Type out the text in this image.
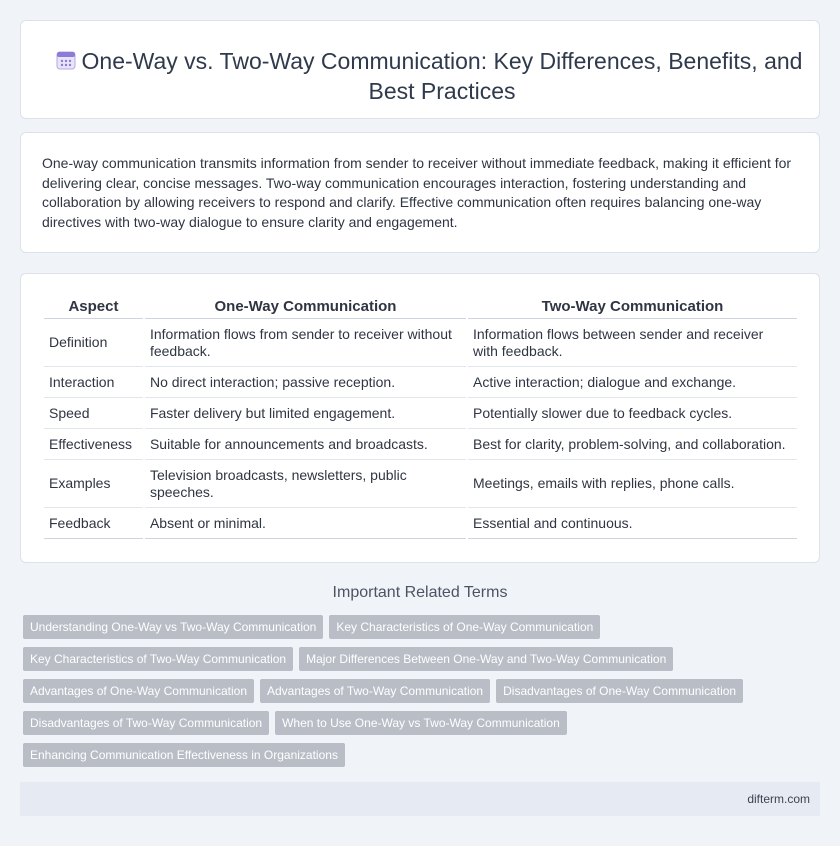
One-Way vs. Two-Way Communication: Key Differences, Benefits, and Best Practices

One-way communication transmits information from sender to receiver without immediate feedback, making it efficient for delivering clear, concise messages. Two-way communication encourages interaction, fostering understanding and collaboration by allowing receivers to respond and clarify. Effective communication often requires balancing one-way directives with two-way dialogue to ensure clarity and engagement.

Aspect	One-Way Communication	Two-Way Communication
Definition	Information flows from sender to receiver without feedback.	Information flows between sender and receiver with feedback.
Interaction	No direct interaction; passive reception.	Active interaction; dialogue and exchange.
Speed	Faster delivery but limited engagement.	Potentially slower due to feedback cycles.
Effectiveness	Suitable for announcements and broadcasts.	Best for clarity, problem-solving, and collaboration.
Examples	Television broadcasts, newsletters, public speeches.	Meetings, emails with replies, phone calls.
Feedback	Absent or minimal.	Essential and continuous.
Important Related Terms
Understanding One-Way vs Two-Way Communication	Key Characteristics of One-Way Communication
Key Characteristics of Two-Way Communication	Major Differences Between One-Way and Two-Way Communication
Advantages of One-Way Communication	Advantages of Two-Way Communication	Disadvantages of One-Way Communication
Disadvantages of Two-Way Communication	When to Use One-Way vs Two-Way Communication
Enhancing Communication Effectiveness in Organizations
difterm.com
